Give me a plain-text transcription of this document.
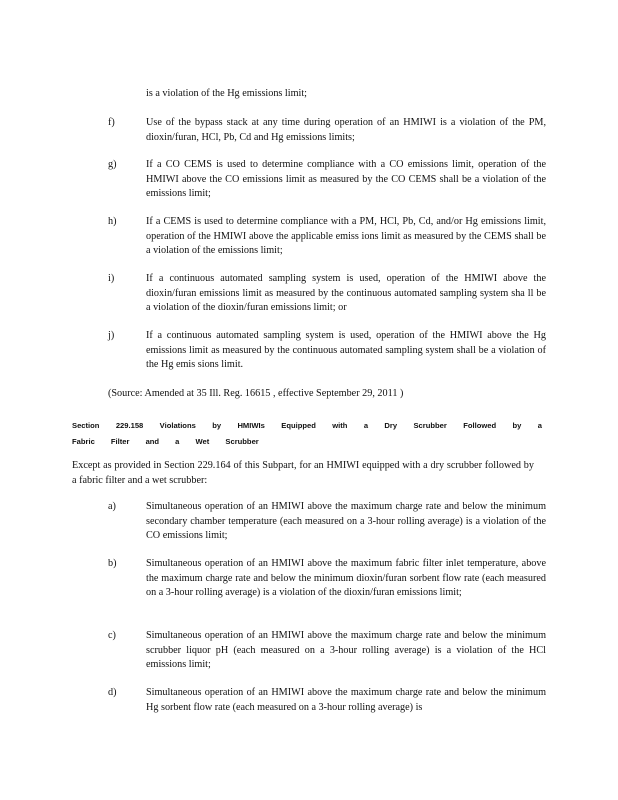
is a violation of the Hg emissions limit;
f)	Use of the bypass stack at any time during operation of an HMIWI is a violation of the PM, dioxin/furan, HCl, Pb, Cd and Hg emissions limits;
g)	If a CO CEMS is used to determine compliance with a CO emissions limit, operation of the HMIWI above the CO emissions limit as measured by the CO CEMS shall be a violation of the emissions limit;
h)	If a CEMS is used to determine compliance with a PM, HCl, Pb, Cd, and/or Hg emissions limit, operation of the HMIWI above the applicable emiss ions limit as measured by the CEMS shall be a violation of the emissions limit;
i)	If a continuous automated sampling system is used, operation of the HMIWI above the dioxin/furan emissions limit as measured by the continuous automated sampling system sha ll be a violation of the dioxin/furan emissions limit; or
j)	If a continuous automated sampling system is used, operation of the HMIWI above the Hg emissions limit as measured by the continuous automated sampling system shall be a violation of the Hg emis sions limit.
(Source: Amended at 35 Ill. Reg. 16615 , effective September 29, 2011 )
Section 229.158 Violations by HMIWIs Equipped with a Dry Scrubber Followed by a Fabric Filter and a Wet Scrubber
Except as provided in Section 229.164 of this Subpart, for an HMIWI equipped with a dry scrubber followed by a fabric filter and a wet scrubber:
a)	Simultaneous operation of an HMIWI above the maximum charge rate and below the minimum secondary chamber temperature (each measured on a 3-hour rolling average) is a violation of the CO emissions limit;
b)	Simultaneous operation of an HMIWI above the maximum fabric filter inlet temperature, above the maximum charge rate and below the minimum dioxin/furan sorbent flow rate (each measured on a 3-hour rolling average) is a violation of the dioxin/furan emissions limit;
c)	Simultaneous operation of an HMIWI above the maximum charge rate and below the minimum scrubber liquor pH (each measured on a 3-hour rolling average) is a violation of the HCl emissions limit;
d)	Simultaneous operation of an HMIWI above the maximum charge rate and below the minimum Hg sorbent flow rate (each measured on a 3-hour rolling average) is
